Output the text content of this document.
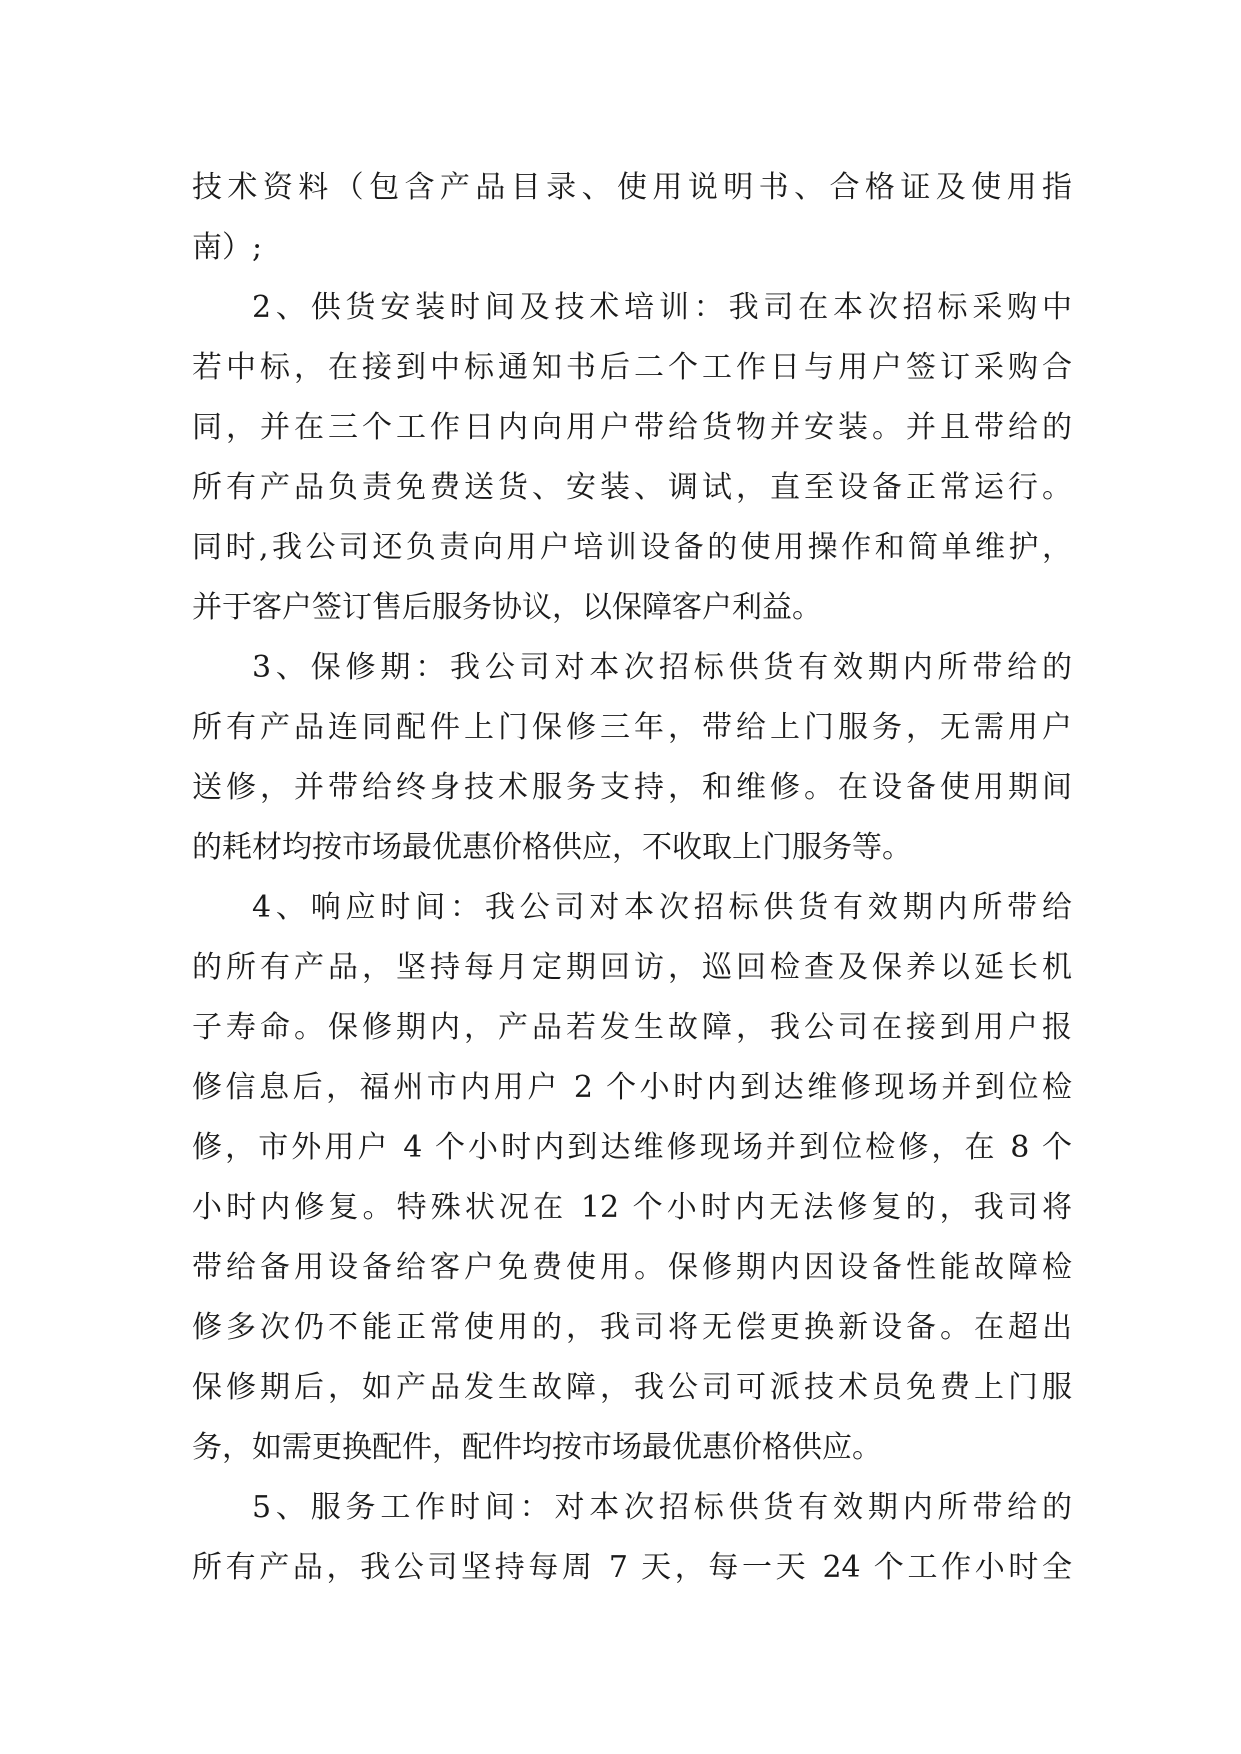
技术资料（包含产品目录、使用说明书、合格证及使用指
南）;
2、供货安装时间及技术培训：我司在本次招标采购中
若中标，在接到中标通知书后二个工作日与用户签订采购合
同，并在三个工作日内向用户带给货物并安装。并且带给的
所有产品负责免费送货、安装、调试，直至设备正常运行。
同时,我公司还负责向用户培训设备的使用操作和简单维护，
并于客户签订售后服务协议，以保障客户利益。
3、保修期：我公司对本次招标供货有效期内所带给的
所有产品连同配件上门保修三年，带给上门服务，无需用户
送修，并带给终身技术服务支持，和维修。在设备使用期间
的耗材均按市场最优惠价格供应，不收取上门服务等。
4、响应时间：我公司对本次招标供货有效期内所带给
的所有产品，坚持每月定期回访，巡回检查及保养以延长机
子寿命。保修期内，产品若发生故障，我公司在接到用户报
修信息后，福州市内用户 2 个小时内到达维修现场并到位检
修，市外用户 4 个小时内到达维修现场并到位检修，在 8 个
小时内修复。特殊状况在 12 个小时内无法修复的，我司将
带给备用设备给客户免费使用。保修期内因设备性能故障检
修多次仍不能正常使用的，我司将无偿更换新设备。在超出
保修期后，如产品发生故障，我公司可派技术员免费上门服
务，如需更换配件，配件均按市场最优惠价格供应。
5、服务工作时间：对本次招标供货有效期内所带给的
所有产品，我公司坚持每周 7 天，每一天 24 个工作小时全
